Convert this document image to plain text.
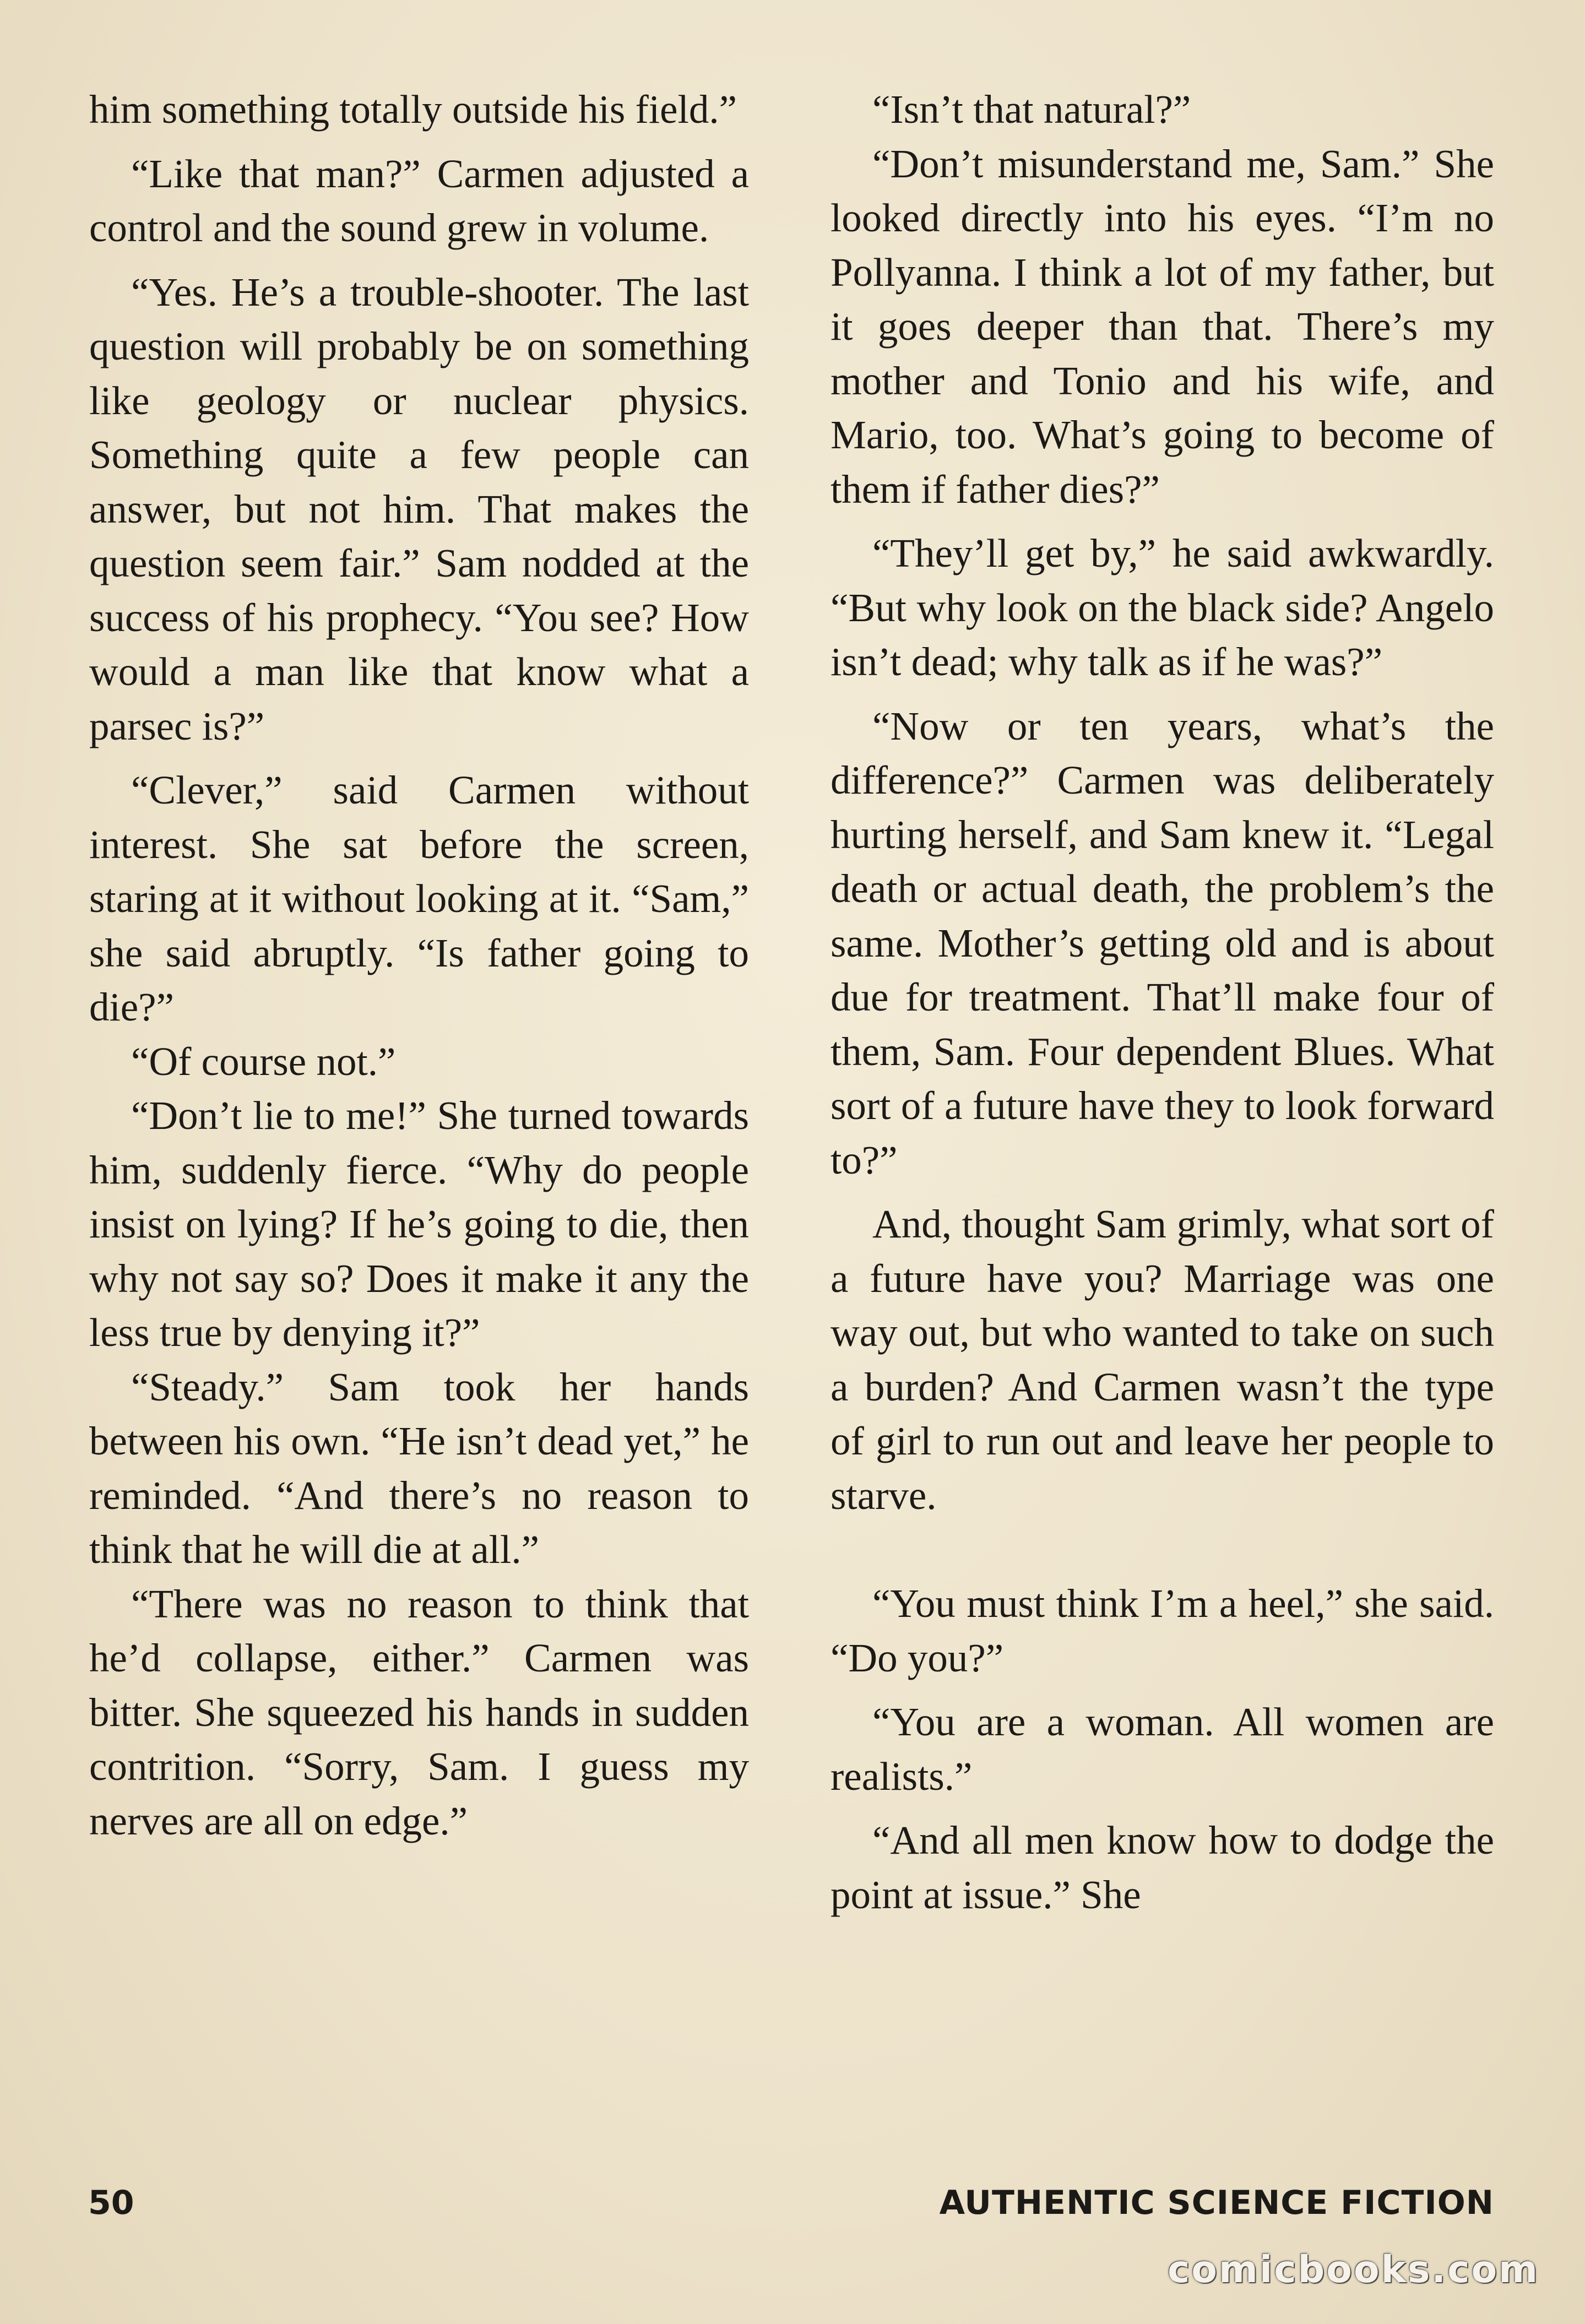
him something totally outside his field.”

“Like that man?” Carmen adjusted a control and the sound grew in volume.

“Yes. He’s a trouble-shooter. The last question will probably be on something like geology or nuclear physics. Something quite a few people can answer, but not him. That makes the question seem fair.” Sam nodded at the success of his prophecy. “You see? How would a man like that know what a parsec is?”

“Clever,” said Carmen without interest. She sat before the screen, staring at it without looking at it. “Sam,” she said abruptly. “Is father going to die?”

“Of course not.”

“Don’t lie to me!” She turned towards him, suddenly fierce. “Why do people insist on lying? If he’s going to die, then why not say so? Does it make it any the less true by denying it?”

“Steady.” Sam took her hands between his own. “He isn’t dead yet,” he reminded. “And there’s no reason to think that he will die at all.”

“There was no reason to think that he’d collapse, either.” Carmen was bitter. She squeezed his hands in sudden contrition. “Sorry, Sam. I guess my nerves are all on edge.”

“Isn’t that natural?”

“Don’t misunderstand me, Sam.” She looked directly into his eyes. “I’m no Pollyanna. I think a lot of my father, but it goes deeper than that. There’s my mother and Tonio and his wife, and Mario, too. What’s going to become of them if father dies?”

“They’ll get by,” he said awkwardly. “But why look on the black side? Angelo isn’t dead; why talk as if he was?”

“Now or ten years, what’s the difference?” Carmen was deliberately hurting herself, and Sam knew it. “Legal death or actual death, the problem’s the same. Mother’s getting old and is about due for treatment. That’ll make four of them, Sam. Four dependent Blues. What sort of a future have they to look forward to?”

And, thought Sam grimly, what sort of a future have you? Marriage was one way out, but who wanted to take on such a burden? And Carmen wasn’t the type of girl to run out and leave her people to starve.

“You must think I’m a heel,” she said. “Do you?”

“You are a woman. All women are realists.”

“And all men know how to dodge the point at issue.” She

50	AUTHENTIC SCIENCE FICTION
comicbooks.com
